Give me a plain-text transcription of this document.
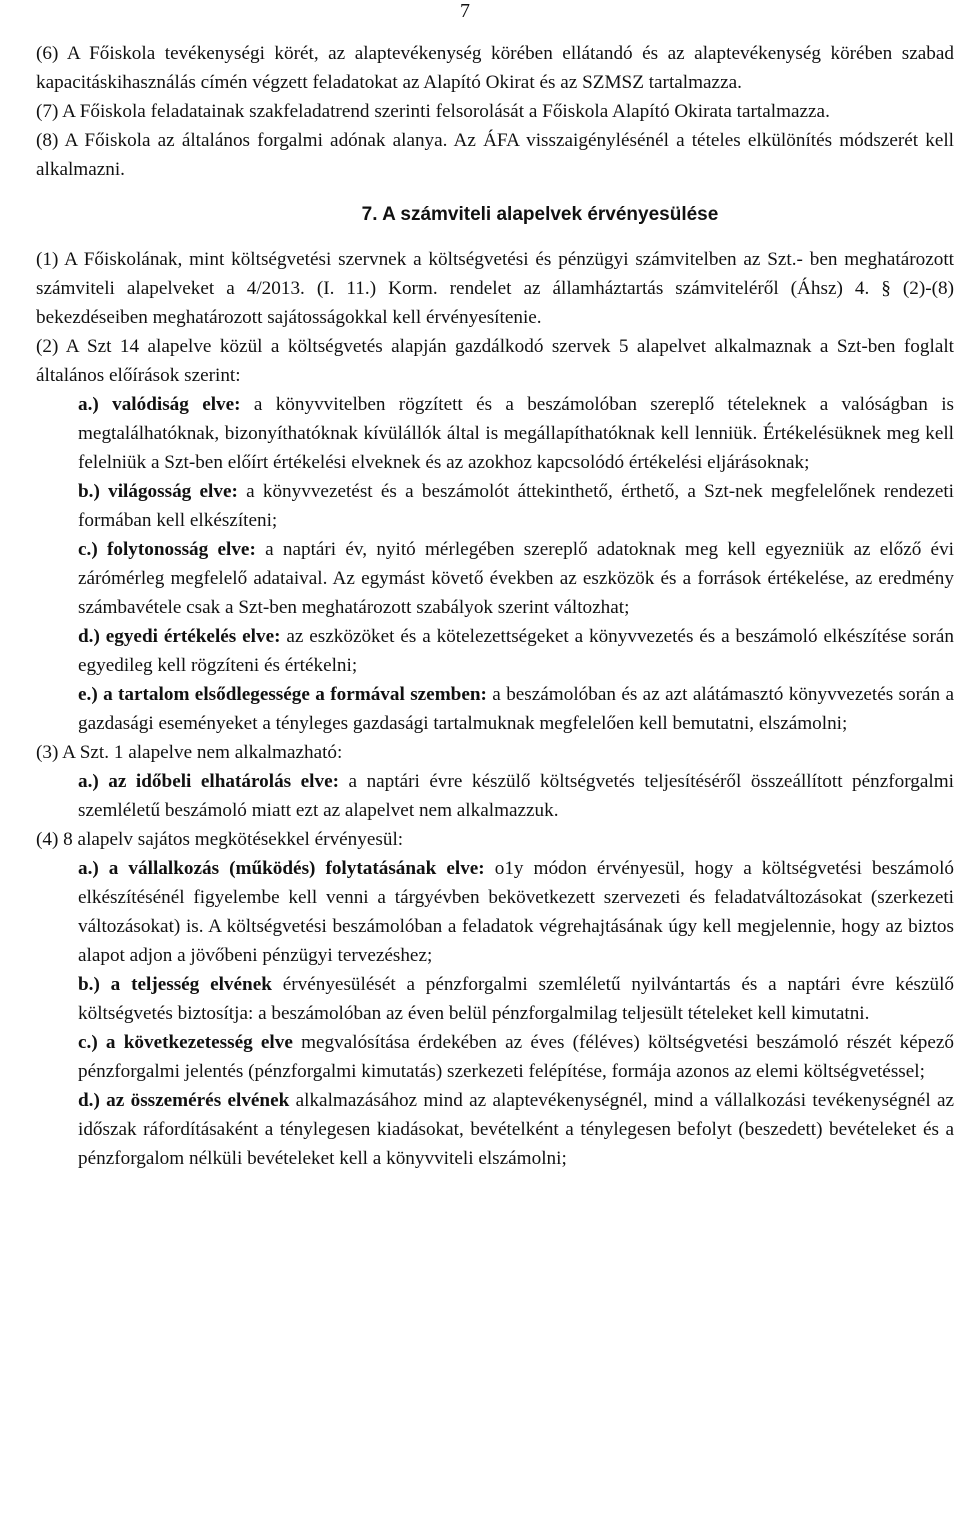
7

(6) A Főiskola tevékenységi körét, az alaptevékenység körében ellátandó és az alaptevékenység körében szabad kapacitáskihasználás címén végzett feladatokat az Alapító Okirat és az SZMSZ tartalmazza.

(7) A Főiskola feladatainak szakfeladatrend szerinti felsorolását a Főiskola Alapító Okirata tartalmazza.

(8) A Főiskola az általános forgalmi adónak alanya. Az ÁFA visszaigénylésénél a tételes elkülönítés módszerét kell alkalmazni.

7. A számviteli alapelvek érvényesülése

(1) A Főiskolának, mint költségvetési szervnek a költségvetési és pénzügyi számvitelben az Szt.- ben meghatározott számviteli alapelveket a 4/2013. (I. 11.) Korm. rendelet az államháztartás számviteléről (Áhsz) 4. § (2)-(8) bekezdéseiben meghatározott sajátosságokkal kell érvényesítenie.

(2) A Szt 14 alapelve közül a költségvetés alapján gazdálkodó szervek 5 alapelvet alkalmaznak a Szt-ben foglalt általános előírások szerint:

a.) valódiság elve: a könyvvitelben rögzített és a beszámolóban szereplő tételeknek a valóságban is megtalálhatóknak, bizonyíthatóknak kívülállók által is megállapíthatóknak kell lenniük. Értékelésüknek meg kell felelniük a Szt-ben előírt értékelési elveknek és az azokhoz kapcsolódó értékelési eljárásoknak;

b.) világosság elve: a könyvvezetést és a beszámolót áttekinthető, érthető, a Szt-nek megfelelőnek rendezeti formában kell elkészíteni;

c.) folytonosság elve: a naptári év, nyitó mérlegében szereplő adatoknak meg kell egyezniük az előző évi zárómérleg megfelelő adataival. Az egymást követő években az eszközök és a források értékelése, az eredmény számbavétele csak a Szt-ben meghatározott szabályok szerint változhat;

d.) egyedi értékelés elve: az eszközöket és a kötelezettségeket a könyvvezetés és a beszámoló elkészítése során egyedileg kell rögzíteni és értékelni;

e.) a tartalom elsődlegessége a formával szemben: a beszámolóban és az azt alátámasztó könyvvezetés során a gazdasági eseményeket a tényleges gazdasági tartalmuknak megfelelően kell bemutatni, elszámolni;

(3) A Szt. 1 alapelve nem alkalmazható:

a.) az időbeli elhatárolás elve: a naptári évre készülő költségvetés teljesítéséről összeállított pénzforgalmi szemléletű beszámoló miatt ezt az alapelvet nem alkalmazzuk.

(4) 8 alapelv sajátos megkötésekkel érvényesül:

a.) a vállalkozás (működés) folytatásának elve: o1y módon érvényesül, hogy a költségvetési beszámoló elkészítésénél figyelembe kell venni a tárgyévben bekövetkezett szervezeti és feladatváltozásokat (szerkezeti változásokat) is. A költségvetési beszámolóban a feladatok végrehajtásának úgy kell megjelennie, hogy az biztos alapot adjon a jövőbeni pénzügyi tervezéshez;

b.) a teljesség elvének érvényesülését a pénzforgalmi szemléletű nyilvántartás és a naptári évre készülő költségvetés biztosítja: a beszámolóban az éven belül pénzforgalmilag teljesült tételeket kell kimutatni.

c.) a következetesség elve megvalósítása érdekében az éves (féléves) költségvetési beszámoló részét képező pénzforgalmi jelentés (pénzforgalmi kimutatás) szerkezeti felépítése, formája azonos az elemi költségvetéssel;

d.) az összemérés elvének alkalmazásához mind az alaptevékenységnél, mind a vállalkozási tevékenységnél az időszak ráfordításaként a ténylegesen kiadásokat, bevételként a ténylegesen befolyt (beszedett) bevételeket és a pénzforgalom nélküli bevételeket kell a könyvviteli elszámolni;
